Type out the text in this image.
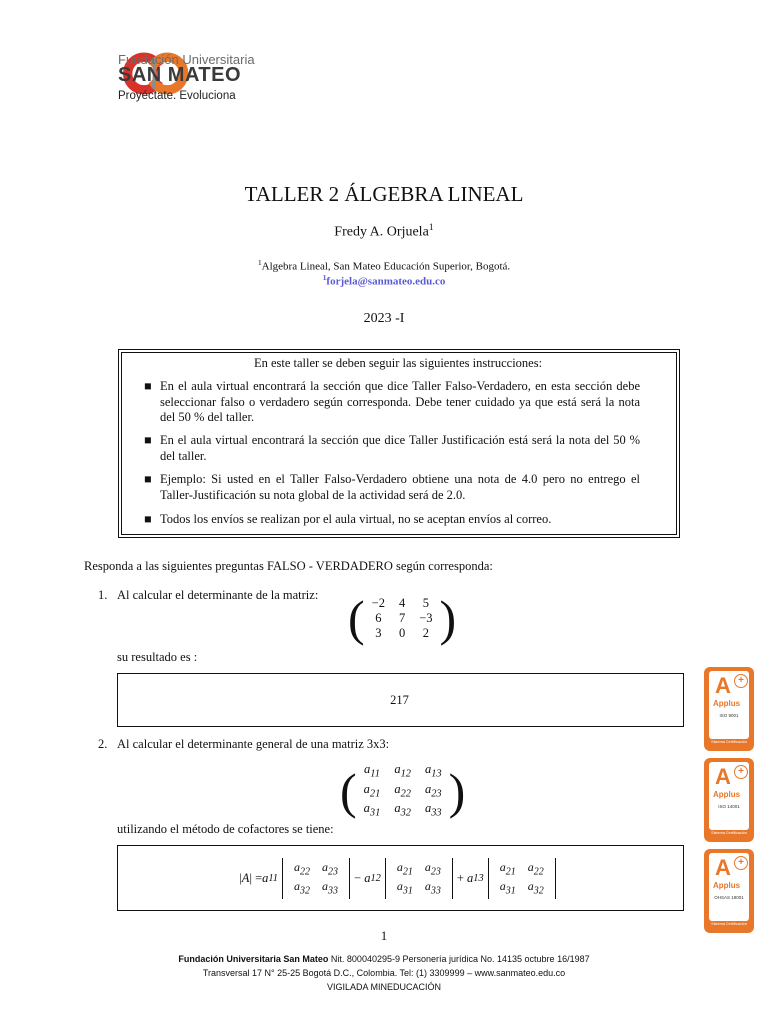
Fundación Universitaria
SAN MATEO
Proyéctate. Evoluciona
TALLER 2 ÁLGEBRA LINEAL
Fredy A. Orjuela$^1$
$^1$Algebra Lineal, San Mateo Educación Superior, Bogotá.
$^1$forjela@sanmateo.edu.co
2023 -I
En este taller se deben seguir las siguientes instrucciones:
■ En el aula virtual encontrará la sección que dice Taller Falso-Verdadero, en esta sección debe seleccionar falso o verdadero según corresponda. Debe tener cuidado ya que está será la nota del 50 % del taller.
■ En el aula virtual encontrará la sección que dice Taller Justificación está será la nota del 50 % del taller.
■ Ejemplo: Si usted en el Taller Falso-Verdadero obtiene una nota de 4.0 pero no entrego el Taller-Justificación su nota global de la actividad será de 2.0.
■ Todos los envíos se realizan por el aula virtual, no se aceptan envíos al correo.
Responda a las siguientes preguntas FALSO - VERDADERO según corresponda:
1. Al calcular el determinante de la matriz: ( −2	4	5
6	7	−3
3	0	2 )
su resultado es :
217
2. Al calcular el determinante general de una matriz 3x3:
( $a_{11}$	$a_{12}$	$a_{13}$
$a_{21}$	$a_{22}$	$a_{23}$
$a_{31}$	$a_{32}$	$a_{33}$ )
utilizando el método de cofactores se tiene:
| A | = a 11
$a_{22}$	$a_{23}$
$a_{32}$	$a_{33}$
− a 12
$a_{21}$	$a_{23}$
$a_{31}$	$a_{33}$
+ a 13
$a_{21}$	$a_{22}$
$a_{31}$	$a_{32}$
1
Fundación Universitaria San Mateo Nit. 800040295-9 Personería jurídica No. 14135 octubre 16/1987
Transversal 17 N° 25-25 Bogotá D.C., Colombia. Tel: (1) 3309999 – www.sanmateo.edu.co
VIGILADA MINEDUCACIÓN
A +
Applus
ISO 9001
Sistema Certificación
A +
Applus
ISO 14001
Sistema Certificación
A +
Applus
OHSAS 18001
Sistema Certificación
